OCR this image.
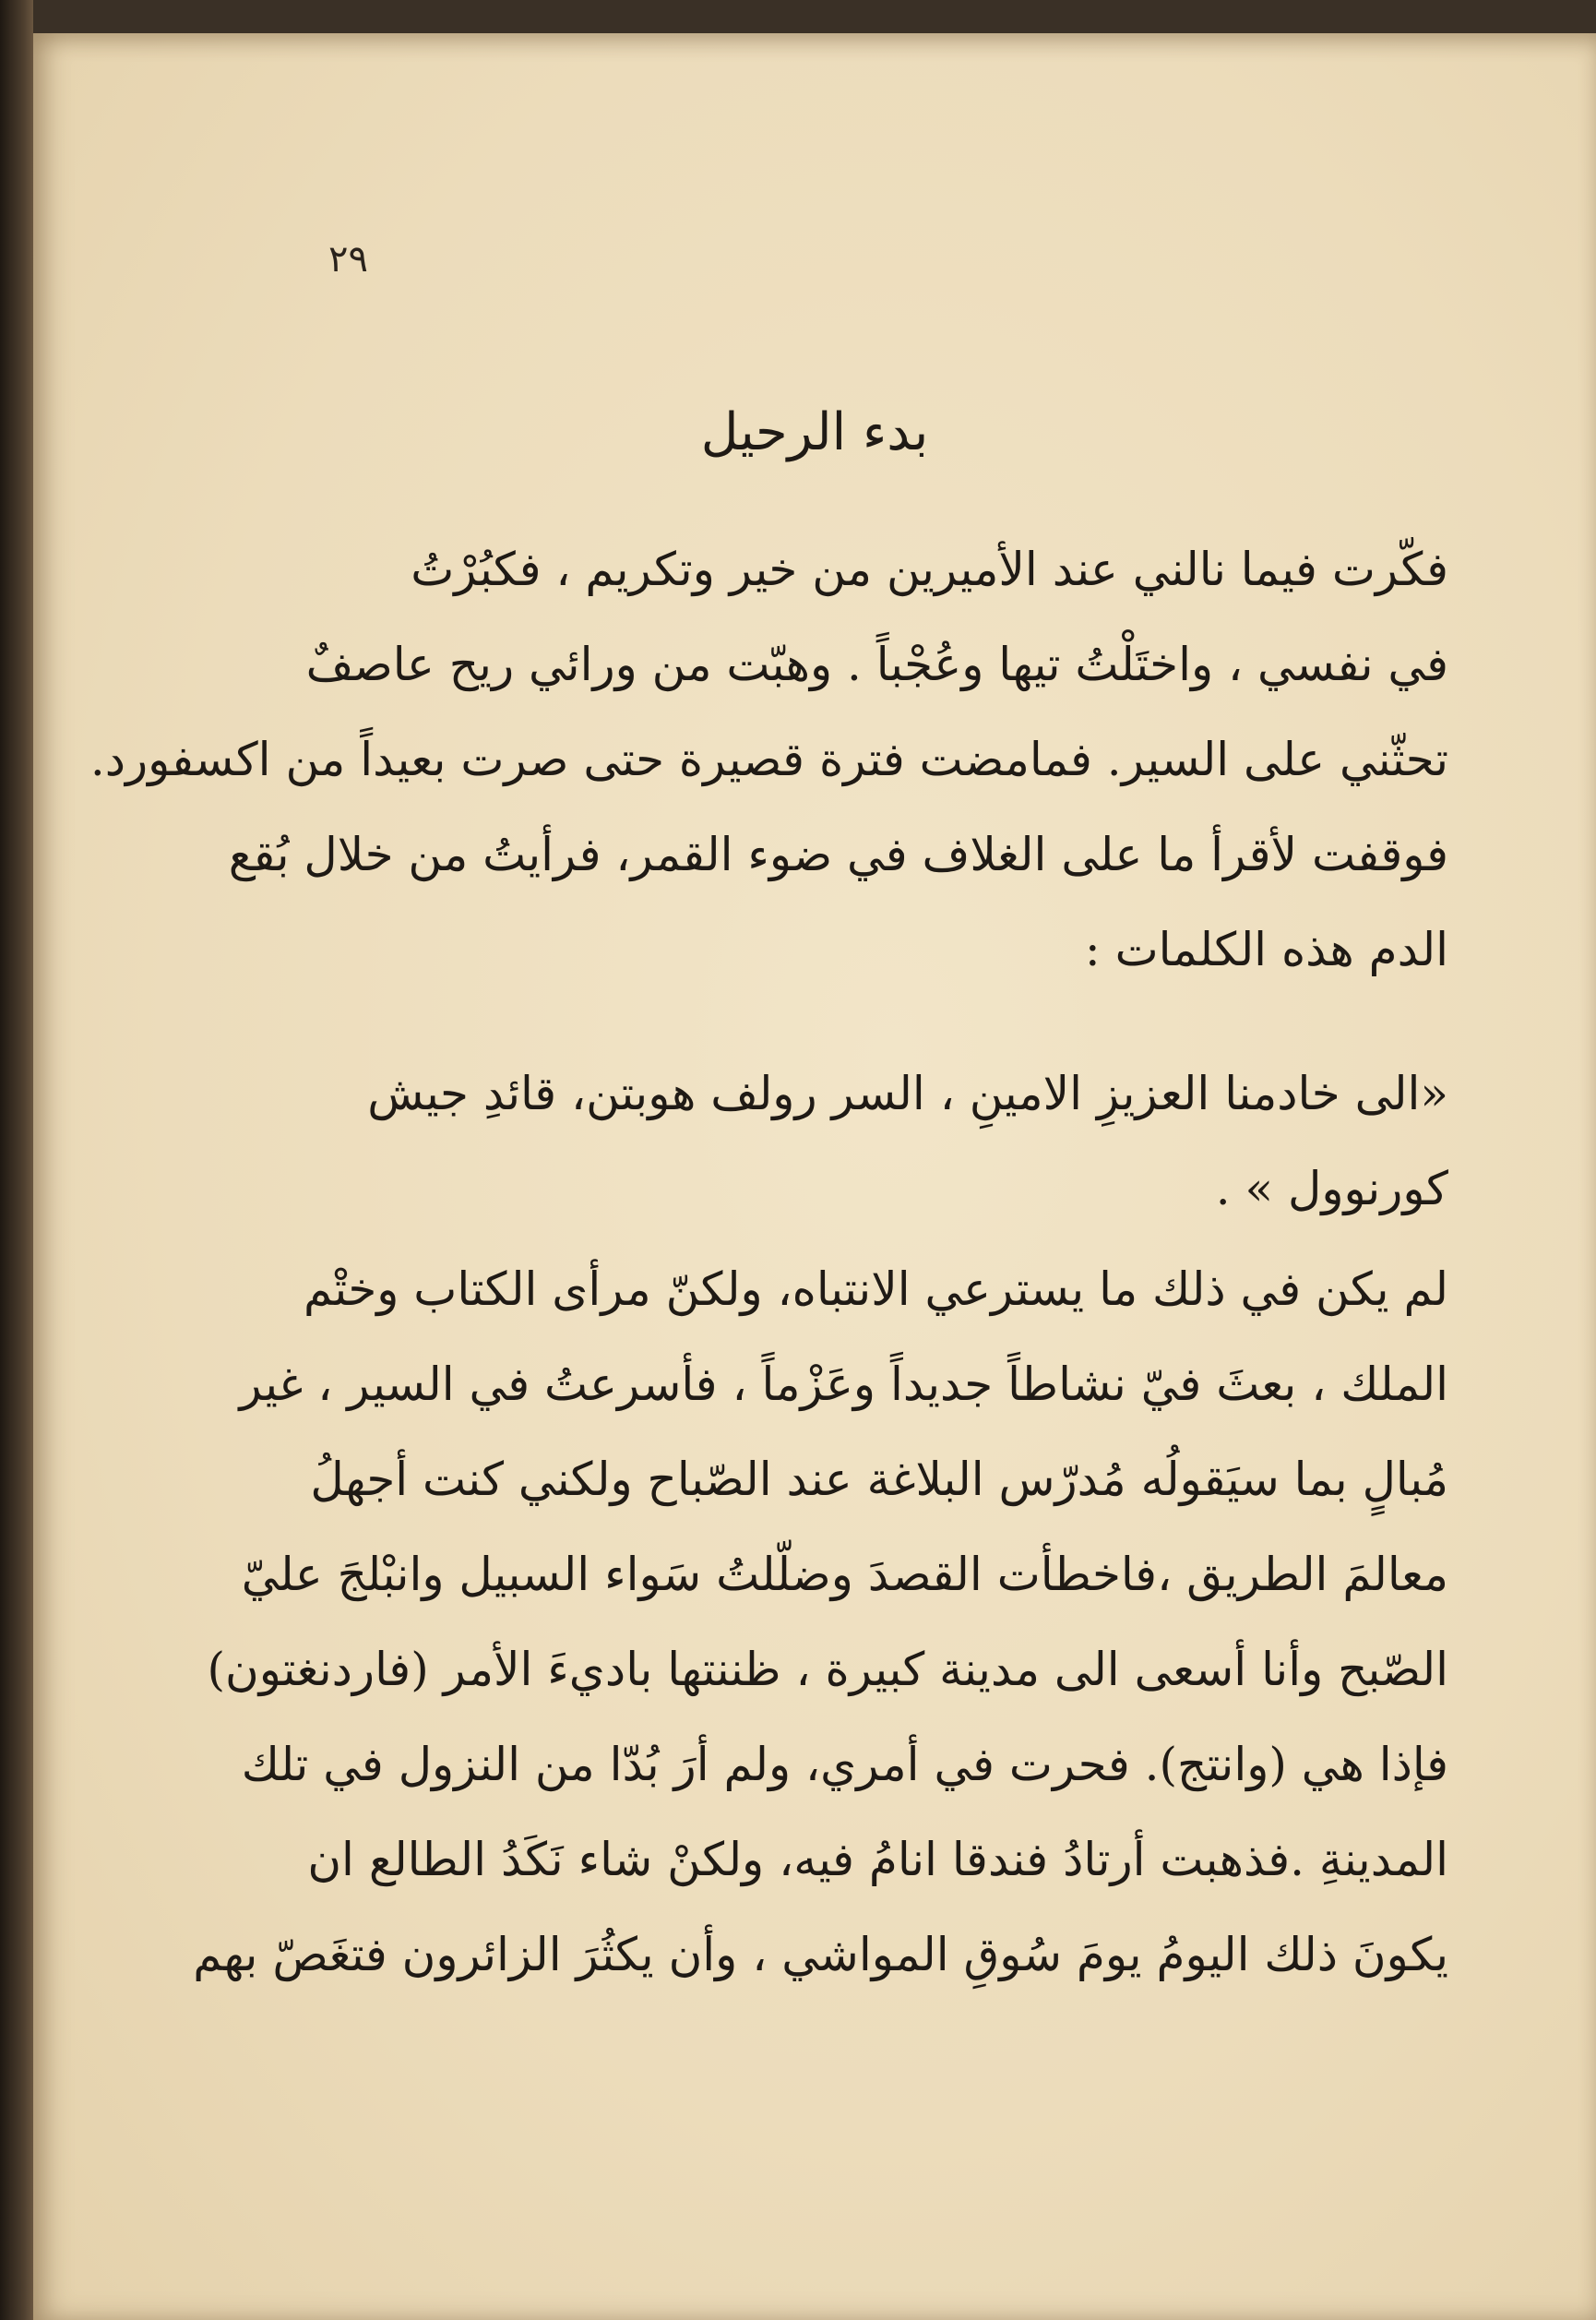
٢٩
بدء الرحيل
فكّرت فيما نالني عند الأميرين من خير وتكريم ، فكبُرْتُ
في نفسي ، واختَلْتُ تيها وعُجْباً . وهبّت من ورائي ريح عاصفٌ
تحثّني على السير. فمامضت فترة قصيرة حتى صرت بعيداً من اكسفورد.
فوقفت لأقرأ ما على الغلاف في ضوء القمر، فرأيتُ من خلال بُقع
الدم هذه الكلمات :
«الى خادمنا العزيزِ الامينِ ، السر رولف هوبتن، قائدِ جيش
كورنوول » .
لم يكن في ذلك ما يسترعي الانتباه، ولكنّ مرأى الكتاب وختْم
الملك ، بعثَ فيّ نشاطاً جديداً وعَزْماً ، فأسرعتُ في السير ، غير
مُبالٍ بما سيَقولُه مُدرّس البلاغة عند الصّباح ولكني كنت أجهلُ
معالمَ الطريق ،فاخطأت القصدَ وضلّلتُ سَواء السبيل وانبْلجَ عليّ
الصّبح وأنا أسعى الى مدينة كبيرة ، ظننتها باديءَ الأمر (فاردنغتون)
فإذا هي (وانتج). فحرت في أمري، ولم أرَ بُدّا من النزول في تلك
المدينةِ .فذهبت أرتادُ فندقا انامُ فيه، ولكنْ شاء نَكَدُ الطالع ان
يكونَ ذلك اليومُ يومَ سُوقِ المواشي ، وأن يكثُرَ الزائرون فتغَصّ بهم
